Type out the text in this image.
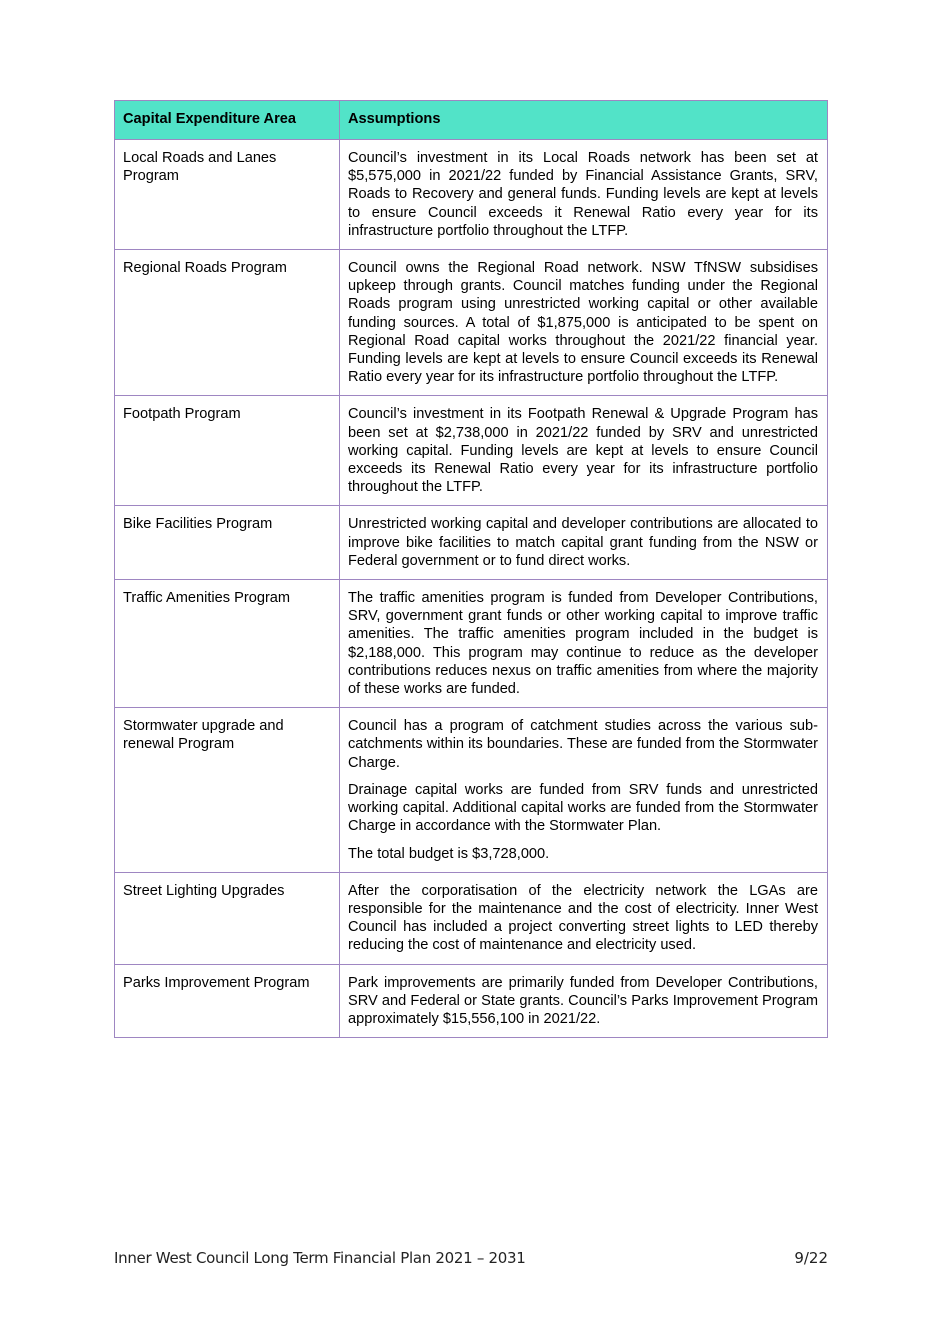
Capital Expenditure Area	Assumptions
Local Roads and Lanes Program	Council’s investment in its Local Roads network has been set at $5,575,000 in 2021/22 funded by Financial Assistance Grants, SRV, Roads to Recovery and general funds. Funding levels are kept at levels to ensure Council exceeds it Renewal Ratio every year for its infrastructure portfolio throughout the LTFP.

Regional Roads Program	Council owns the Regional Road network. NSW TfNSW subsidises upkeep through grants. Council matches funding under the Regional Roads program using unrestricted working capital or other available funding sources. A total of $1,875,000 is anticipated to be spent on Regional Road capital works throughout the 2021/22 financial year. Funding levels are kept at levels to ensure Council exceeds its Renewal Ratio every year for its infrastructure portfolio throughout the LTFP.

Footpath Program	Council’s investment in its Footpath Renewal & Upgrade Program has been set at $2,738,000 in 2021/22 funded by SRV and unrestricted working capital. Funding levels are kept at levels to ensure Council exceeds its Renewal Ratio every year for its infrastructure portfolio throughout the LTFP.

Bike Facilities Program	Unrestricted working capital and developer contributions are allocated to improve bike facilities to match capital grant funding from the NSW or Federal government or to fund direct works.

Traffic Amenities Program	The traffic amenities program is funded from Developer Contributions, SRV, government grant funds or other working capital to improve traffic amenities. The traffic amenities program included in the budget is $2,188,000. This program may continue to reduce as the developer contributions reduces nexus on traffic amenities from where the majority of these works are funded.

Stormwater upgrade and renewal Program	Council has a program of catchment studies across the various sub-catchments within its boundaries. These are funded from the Stormwater Charge.

Drainage capital works are funded from SRV funds and unrestricted working capital. Additional capital works are funded from the Stormwater Charge in accordance with the Stormwater Plan.

The total budget is $3,728,000.

Street Lighting Upgrades	After the corporatisation of the electricity network the LGAs are responsible for the maintenance and the cost of electricity. Inner West Council has included a project converting street lights to LED thereby reducing the cost of maintenance and electricity used.

Parks Improvement Program	Park improvements are primarily funded from Developer Contributions, SRV and Federal or State grants. Council’s Parks Improvement Program approximately $15,556,100 in 2021/22.

Inner West Council Long Term Financial Plan 2021 – 2031	9/22
